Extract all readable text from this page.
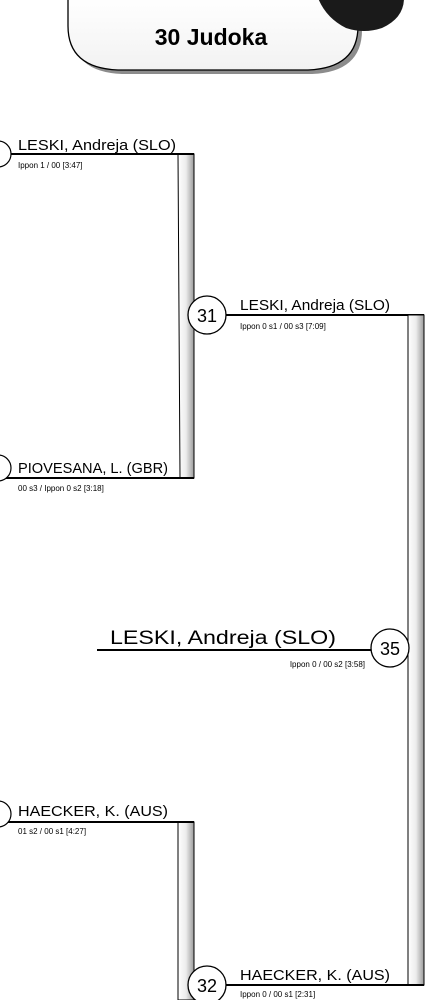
30 Judoka
LESKI, Andreja (SLO)
Ippon 1 / 00 [3:47]
PIOVESANA, L. (GBR)
00 s3 / Ippon 0 s2 [3:18]
31 LESKI, Andreja (SLO)
Ippon 0 s1 / 00 s3 [7:09]
35
LESKI, Andreja (SLO)
Ippon 0 / 00 s2 [3:58]
HAECKER, K. (AUS)
01 s2 / 00 s1 [4:27]
32 HAECKER, K. (AUS)
Ippon 0 / 00 s1 [2:31]
